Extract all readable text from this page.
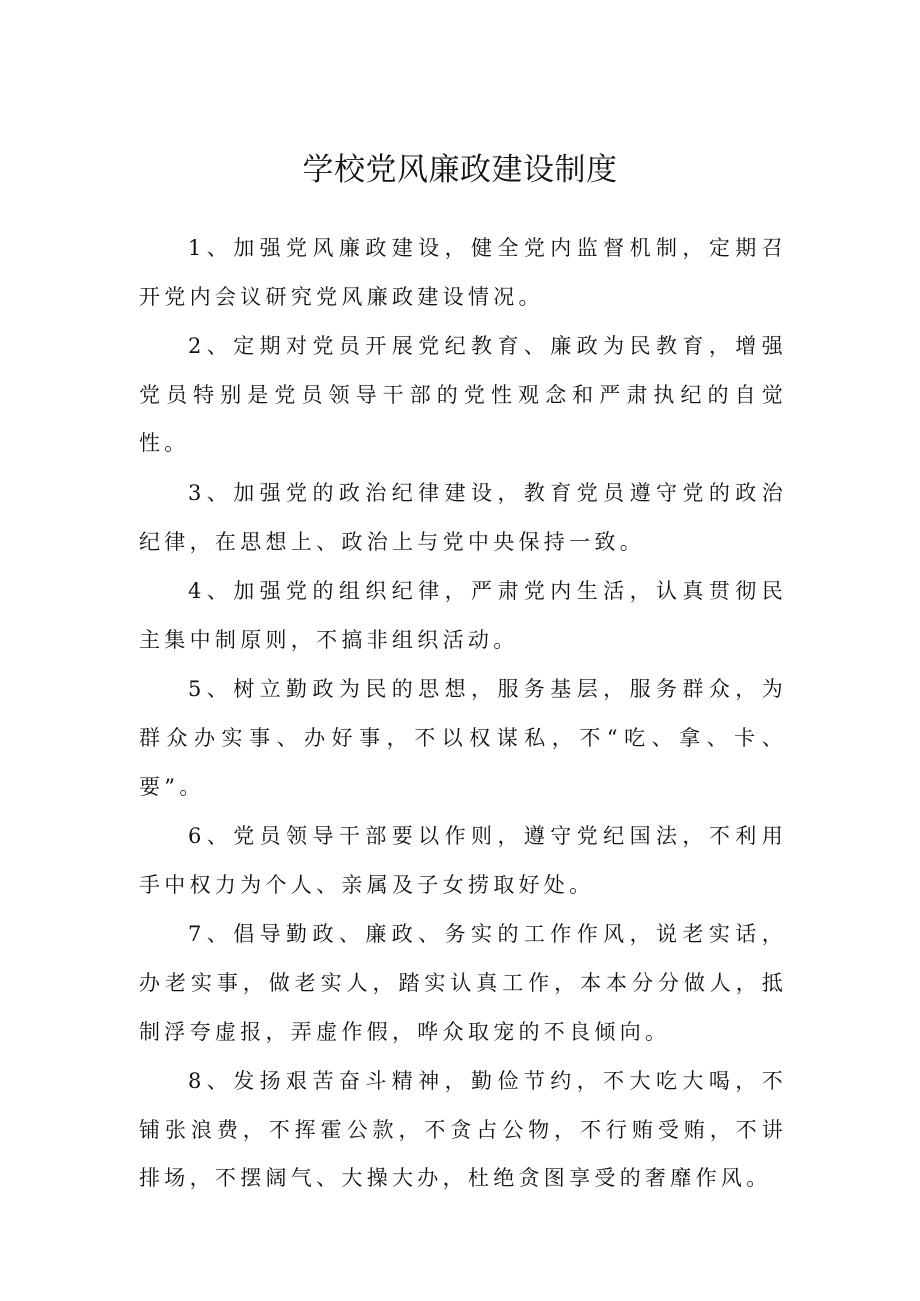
学校党风廉政建设制度

1、加强党风廉政建设，健全党内监督机制，定期召开党内会议研究党风廉政建设情况。

2、定期对党员开展党纪教育、廉政为民教育，增强党员特别是党员领导干部的党性观念和严肃执纪的自觉性。

3、加强党的政治纪律建设，教育党员遵守党的政治纪律，在思想上、政治上与党中央保持一致。

4、加强党的组织纪律，严肃党内生活，认真贯彻民主集中制原则，不搞非组织活动。

5、树立勤政为民的思想，服务基层，服务群众，为群众办实事、办好事，不以权谋私，不“吃、拿、卡、要”。

6、党员领导干部要以作则，遵守党纪国法，不利用手中权力为个人、亲属及子女捞取好处。

7、倡导勤政、廉政、务实的工作作风，说老实话，办老实事，做老实人，踏实认真工作，本本分分做人，抵制浮夸虚报，弄虚作假，哗众取宠的不良倾向。

8、发扬艰苦奋斗精神，勤俭节约，不大吃大喝，不铺张浪费，不挥霍公款，不贪占公物，不行贿受贿，不讲排场，不摆阔气、大操大办，杜绝贪图享受的奢靡作风。
